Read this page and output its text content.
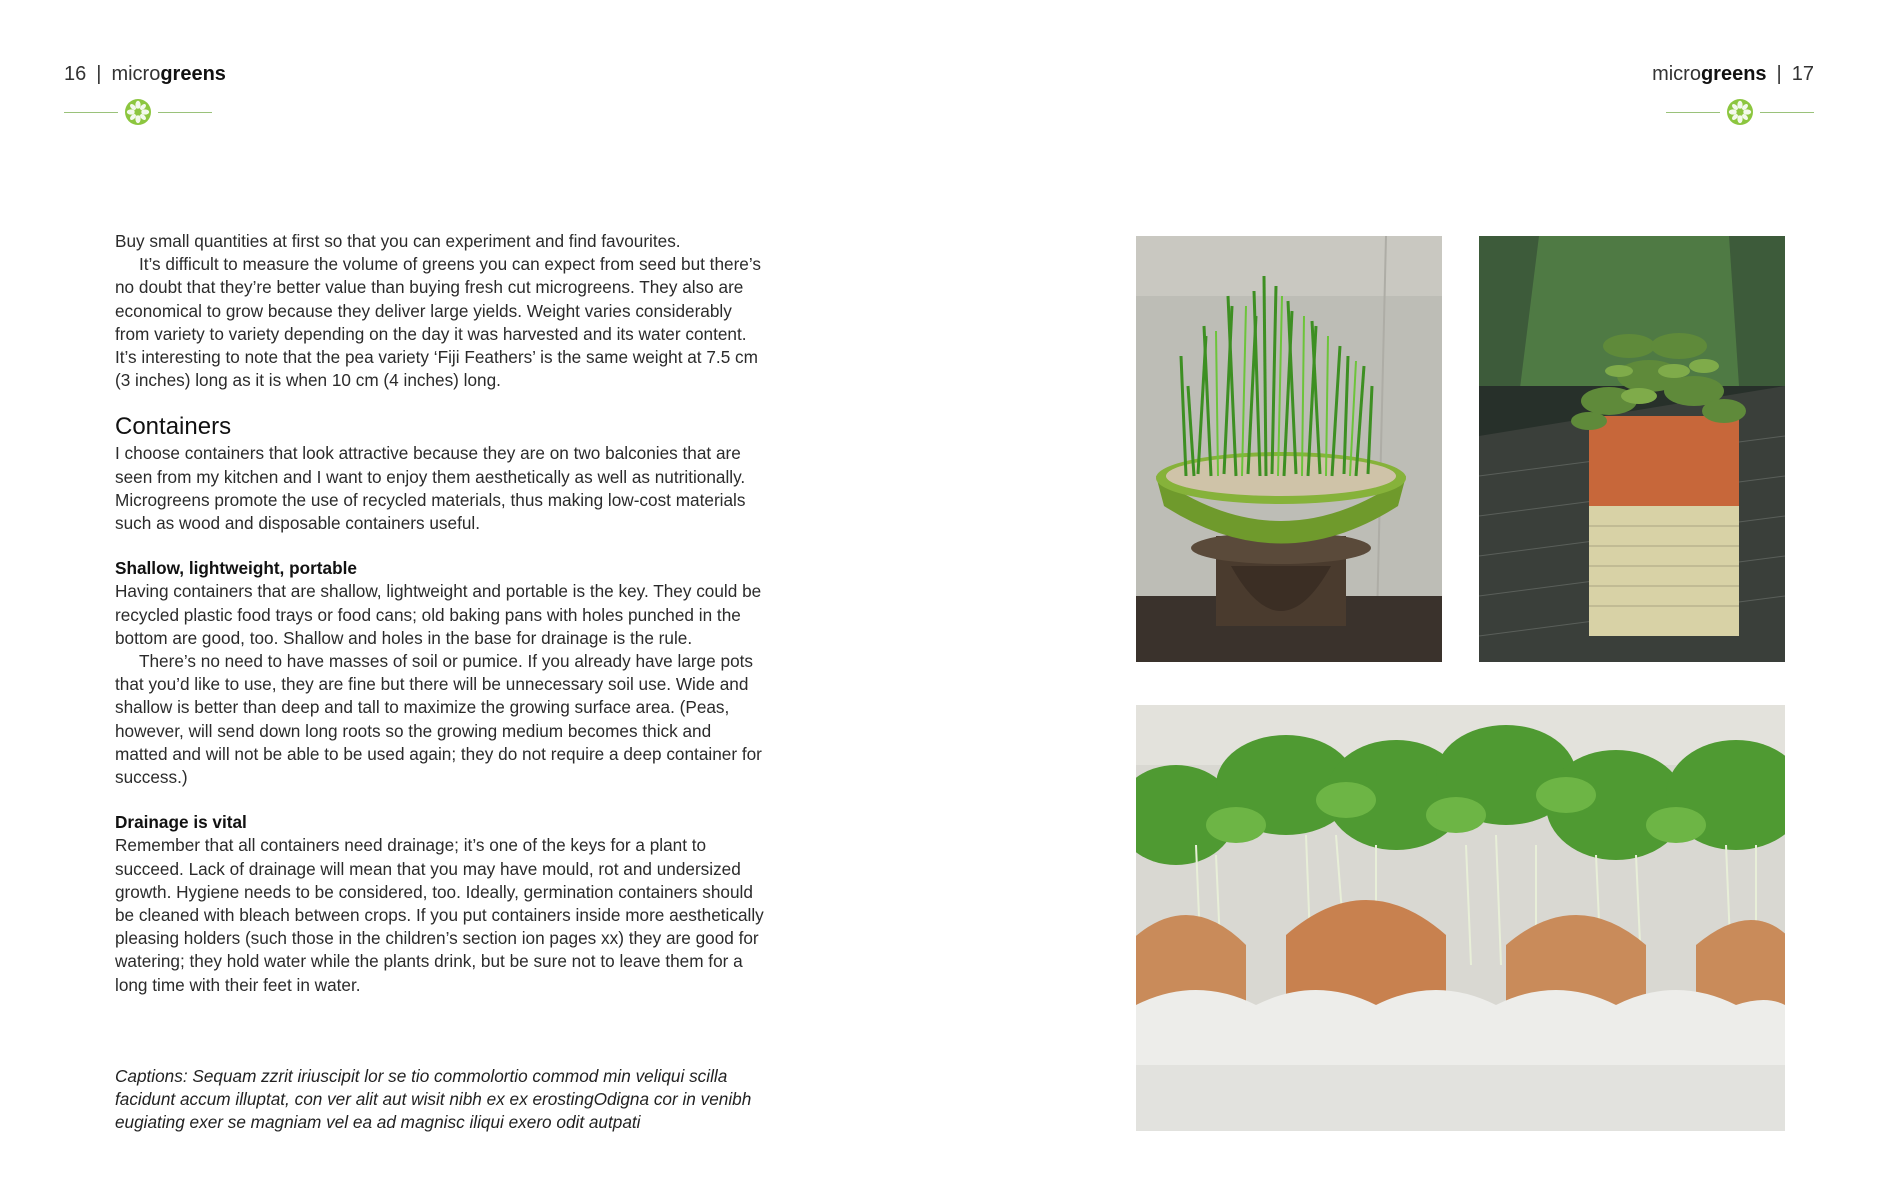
16 | microgreens	microgreens | 17

Buy small quantities at first so that you can experiment and find favourites.

It’s difficult to measure the volume of greens you can expect from seed but there’s no doubt that they’re better value than buying fresh cut microgreens. They also are economical to grow because they deliver large yields. Weight varies considerably from variety to variety depending on the day it was harvested and its water content. It’s interesting to note that the pea variety ‘Fiji Feathers’ is the same weight at 7.5 cm (3 inches) long as it is when 10 cm (4 inches) long.

Containers

I choose containers that look attractive because they are on two balconies that are seen from my kitchen and I want to enjoy them aesthetically as well as nutritionally. Microgreens promote the use of recycled materials, thus making low-cost materials such as wood and disposable containers useful.

Shallow, lightweight, portable

Having containers that are shallow, lightweight and portable is the key. They could be recycled plastic food trays or food cans; old baking pans with holes punched in the bottom are good, too. Shallow and holes in the base for drainage is the rule.

There’s no need to have masses of soil or pumice. If you already have large pots that you’d like to use, they are fine but there will be unnecessary soil use. Wide and shallow is better than deep and tall to maximize the growing surface area. (Peas, however, will send down long roots so the growing medium becomes thick and matted and will not be able to be used again; they do not require a deep container for success.)

Drainage is vital

Remember that all containers need drainage; it’s one of the keys for a plant to succeed. Lack of drainage will mean that you may have mould, rot and undersized growth. Hygiene needs to be considered, too. Ideally, germination containers should be cleaned with bleach between crops. If you put containers inside more aesthetically pleasing holders (such those in the children’s section ion pages xx) they are good for watering; they hold water while the plants drink, but be sure not to leave them for a long time with their feet in water.

Captions: Sequam zzrit iriuscipit lor se tio commolortio commod min veliqui scilla facidunt accum illuptat, con ver alit aut wisit nibh ex ex erostingOdigna cor in venibh eugiating exer se magniam vel ea ad magnisc iliqui exero odit autpati
